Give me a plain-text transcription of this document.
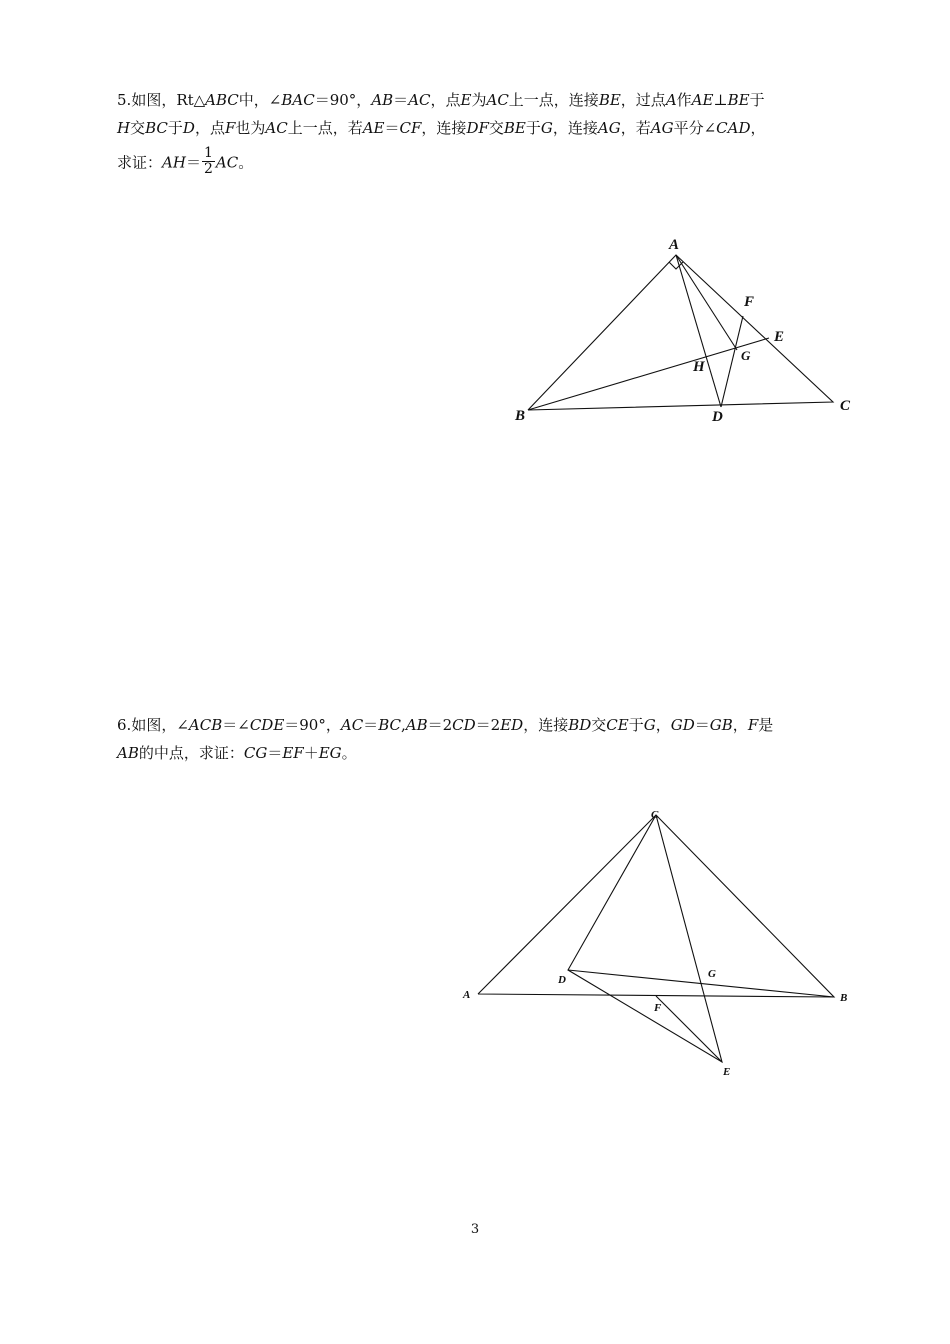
5.如图，Rt△ABC中，∠BAC＝90°，AB＝AC，点E为AC上一点，连接BE，过点A作AE⊥BE于
H交BC于D，点F也为AC上一点，若AE＝CF，连接DF交BE于G，连接AG，若AG平分∠CAD，
求证：$AH= \frac{1}{2}$ AC。
A
B
C
D
E
F
G
H
6.如图，∠ACB＝∠CDE＝90°，AC＝BC,AB＝2CD＝2ED，连接BD交CE于G，GD＝GB，F是
AB的中点，求证：CG＝EF＋EG。
C
A	B
D	G
F
E
3
